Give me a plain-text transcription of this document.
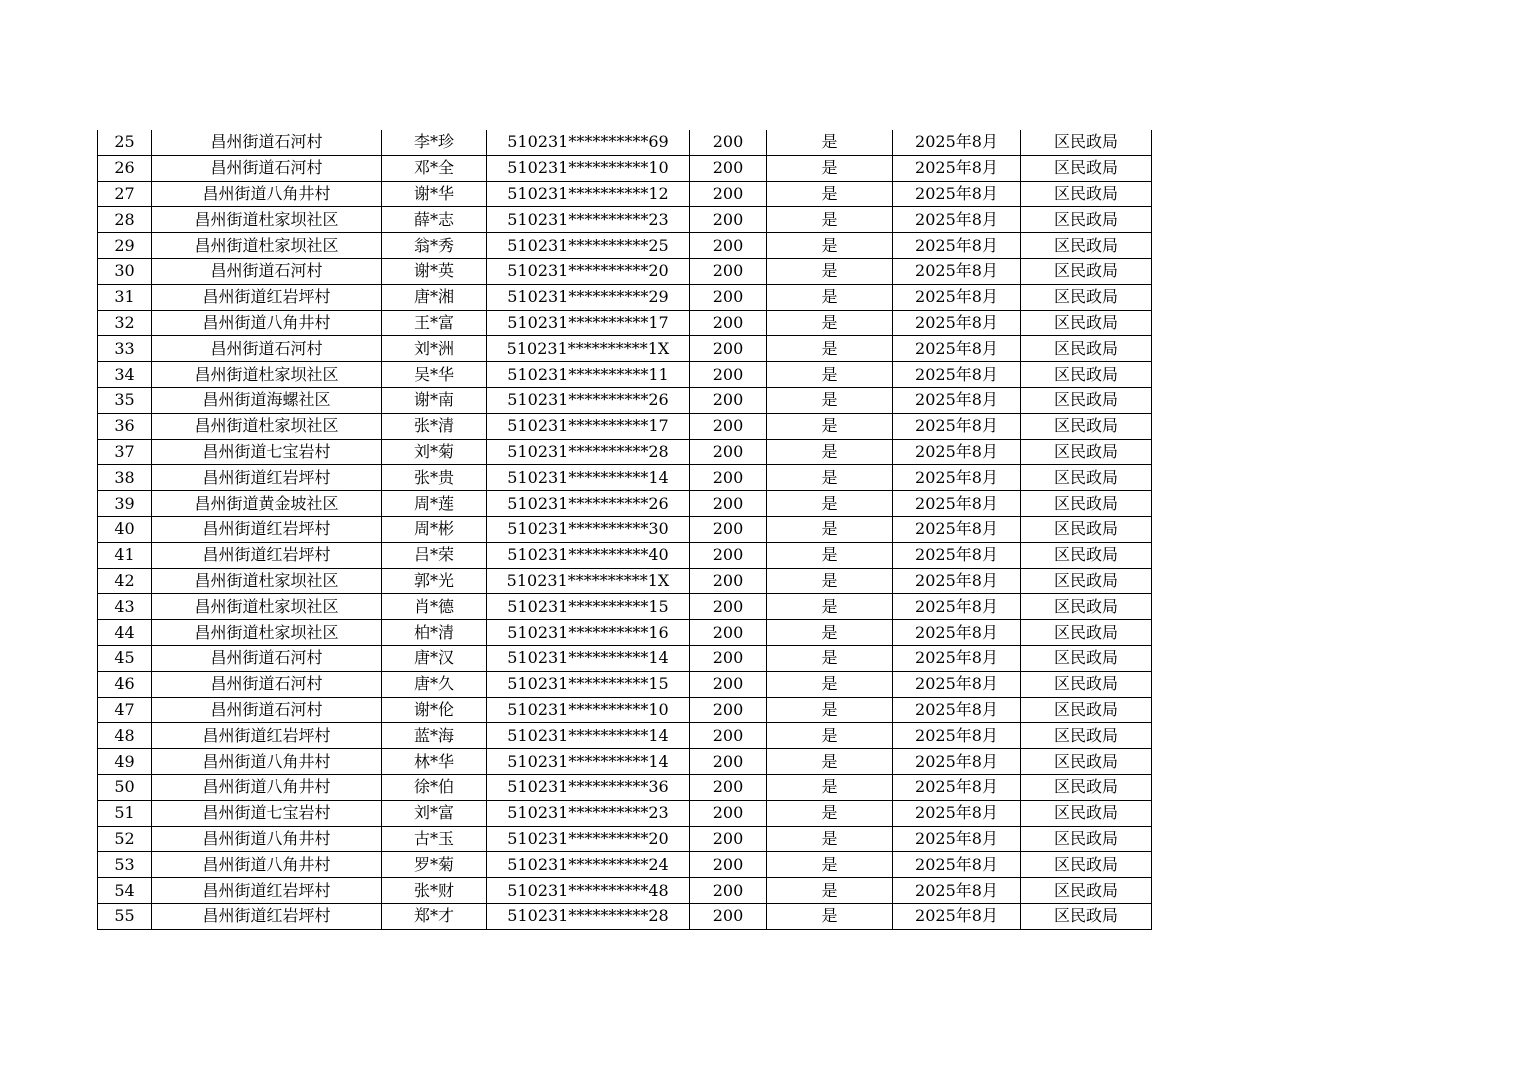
25	昌州街道石河村	李*珍	510231**********69	200	是	2025年8月	区民政局
26	昌州街道石河村	邓*全	510231**********10	200	是	2025年8月	区民政局
27	昌州街道八角井村	谢*华	510231**********12	200	是	2025年8月	区民政局
28	昌州街道杜家坝社区	薛*志	510231**********23	200	是	2025年8月	区民政局
29	昌州街道杜家坝社区	翁*秀	510231**********25	200	是	2025年8月	区民政局
30	昌州街道石河村	谢*英	510231**********20	200	是	2025年8月	区民政局
31	昌州街道红岩坪村	唐*湘	510231**********29	200	是	2025年8月	区民政局
32	昌州街道八角井村	王*富	510231**********17	200	是	2025年8月	区民政局
33	昌州街道石河村	刘*洲	510231**********1X	200	是	2025年8月	区民政局
34	昌州街道杜家坝社区	吴*华	510231**********11	200	是	2025年8月	区民政局
35	昌州街道海螺社区	谢*南	510231**********26	200	是	2025年8月	区民政局
36	昌州街道杜家坝社区	张*清	510231**********17	200	是	2025年8月	区民政局
37	昌州街道七宝岩村	刘*菊	510231**********28	200	是	2025年8月	区民政局
38	昌州街道红岩坪村	张*贵	510231**********14	200	是	2025年8月	区民政局
39	昌州街道黄金坡社区	周*莲	510231**********26	200	是	2025年8月	区民政局
40	昌州街道红岩坪村	周*彬	510231**********30	200	是	2025年8月	区民政局
41	昌州街道红岩坪村	吕*荣	510231**********40	200	是	2025年8月	区民政局
42	昌州街道杜家坝社区	郭*光	510231**********1X	200	是	2025年8月	区民政局
43	昌州街道杜家坝社区	肖*德	510231**********15	200	是	2025年8月	区民政局
44	昌州街道杜家坝社区	柏*清	510231**********16	200	是	2025年8月	区民政局
45	昌州街道石河村	唐*汉	510231**********14	200	是	2025年8月	区民政局
46	昌州街道石河村	唐*久	510231**********15	200	是	2025年8月	区民政局
47	昌州街道石河村	谢*伦	510231**********10	200	是	2025年8月	区民政局
48	昌州街道红岩坪村	蓝*海	510231**********14	200	是	2025年8月	区民政局
49	昌州街道八角井村	林*华	510231**********14	200	是	2025年8月	区民政局
50	昌州街道八角井村	徐*伯	510231**********36	200	是	2025年8月	区民政局
51	昌州街道七宝岩村	刘*富	510231**********23	200	是	2025年8月	区民政局
52	昌州街道八角井村	古*玉	510231**********20	200	是	2025年8月	区民政局
53	昌州街道八角井村	罗*菊	510231**********24	200	是	2025年8月	区民政局
54	昌州街道红岩坪村	张*财	510231**********48	200	是	2025年8月	区民政局
55	昌州街道红岩坪村	郑*才	510231**********28	200	是	2025年8月	区民政局
